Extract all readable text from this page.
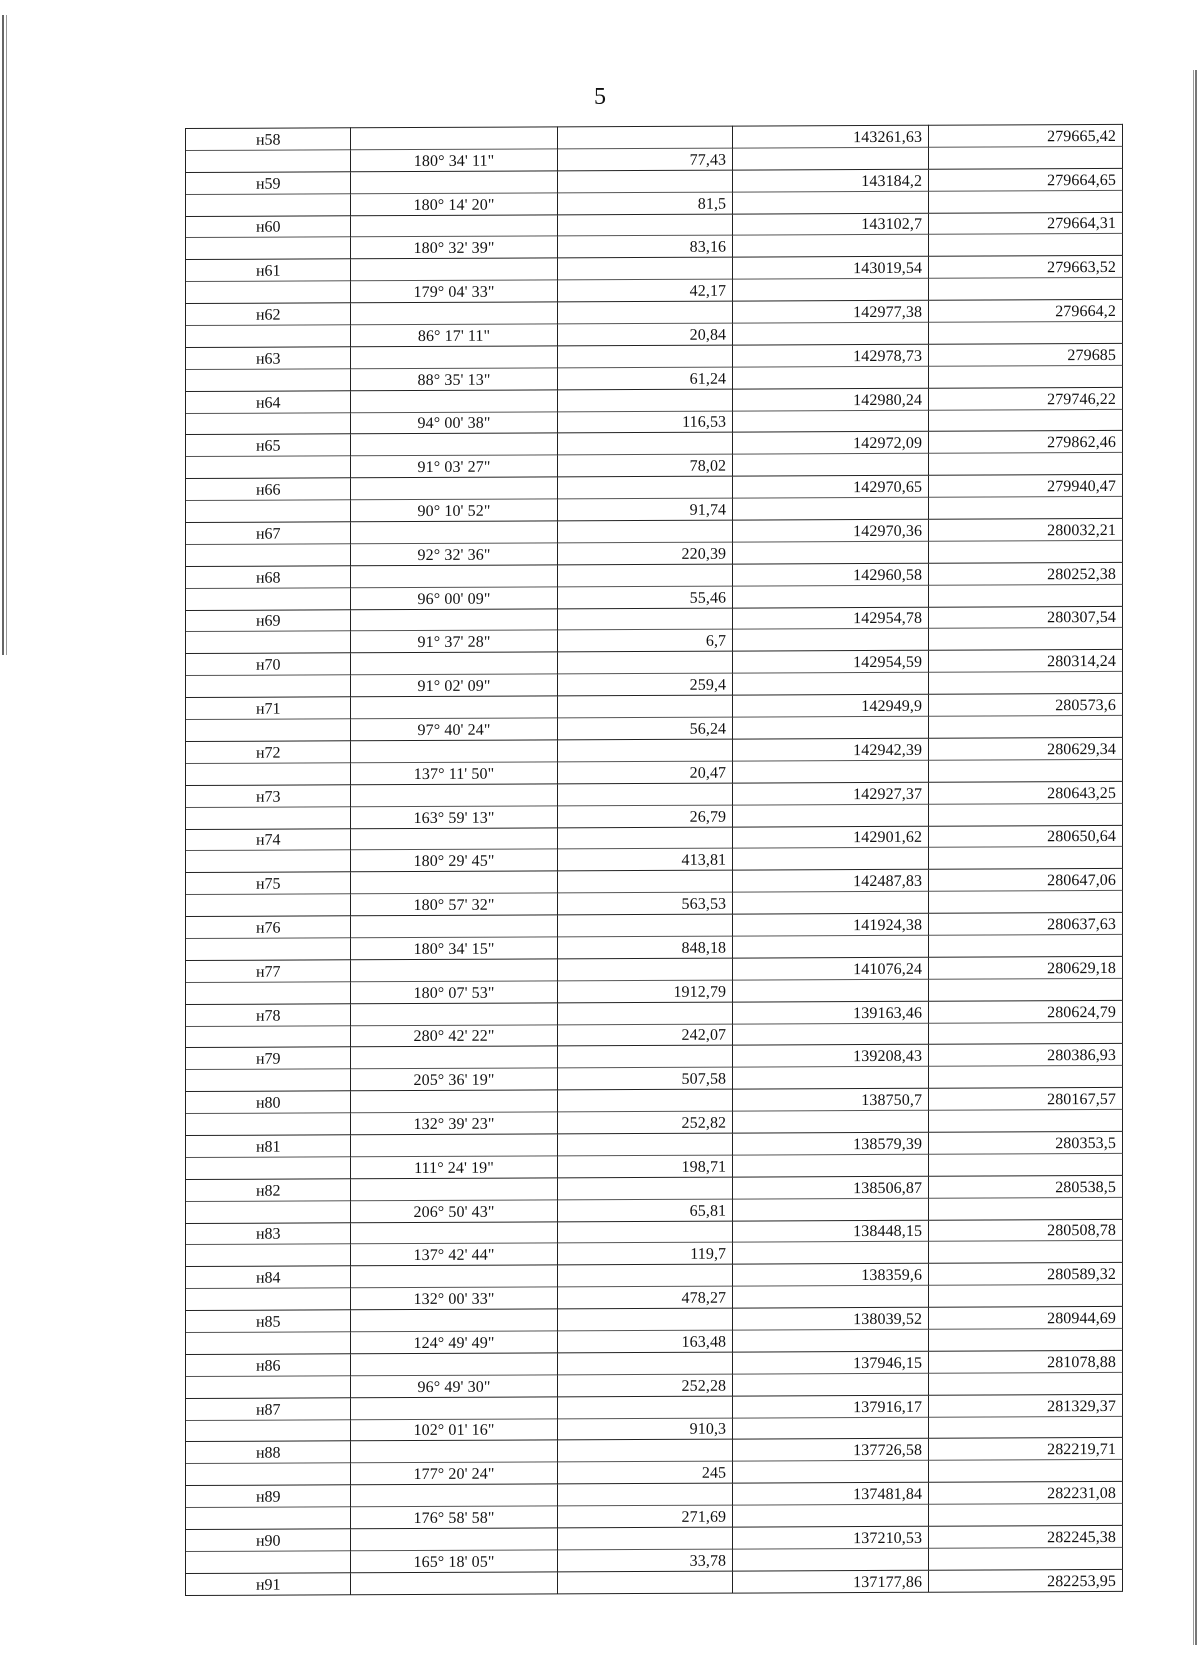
5
н58			143261,63	279665,42
	180° 34' 11"	77,43		
н59			143184,2	279664,65
	180° 14' 20"	81,5		
н60			143102,7	279664,31
	180° 32' 39"	83,16		
н61			143019,54	279663,52
	179° 04' 33"	42,17		
н62			142977,38	279664,2
	86° 17' 11"	20,84		
н63			142978,73	279685
	88° 35' 13"	61,24		
н64			142980,24	279746,22
	94° 00' 38"	116,53		
н65			142972,09	279862,46
	91° 03' 27"	78,02		
н66			142970,65	279940,47
	90° 10' 52"	91,74		
н67			142970,36	280032,21
	92° 32' 36"	220,39		
н68			142960,58	280252,38
	96° 00' 09"	55,46		
н69			142954,78	280307,54
	91° 37' 28"	6,7		
н70			142954,59	280314,24
	91° 02' 09"	259,4		
н71			142949,9	280573,6
	97° 40' 24"	56,24		
н72			142942,39	280629,34
	137° 11' 50"	20,47		
н73			142927,37	280643,25
	163° 59' 13"	26,79		
н74			142901,62	280650,64
	180° 29' 45"	413,81		
н75			142487,83	280647,06
	180° 57' 32"	563,53		
н76			141924,38	280637,63
	180° 34' 15"	848,18		
н77			141076,24	280629,18
	180° 07' 53"	1912,79		
н78			139163,46	280624,79
	280° 42' 22"	242,07		
н79			139208,43	280386,93
	205° 36' 19"	507,58		
н80			138750,7	280167,57
	132° 39' 23"	252,82		
н81			138579,39	280353,5
	111° 24' 19"	198,71		
н82			138506,87	280538,5
	206° 50' 43"	65,81		
н83			138448,15	280508,78
	137° 42' 44"	119,7		
н84			138359,6	280589,32
	132° 00' 33"	478,27		
н85			138039,52	280944,69
	124° 49' 49"	163,48		
н86			137946,15	281078,88
	96° 49' 30"	252,28		
н87			137916,17	281329,37
	102° 01' 16"	910,3		
н88			137726,58	282219,71
	177° 20' 24"	245		
н89			137481,84	282231,08
	176° 58' 58"	271,69		
н90			137210,53	282245,38
	165° 18' 05"	33,78		
н91			137177,86	282253,95
